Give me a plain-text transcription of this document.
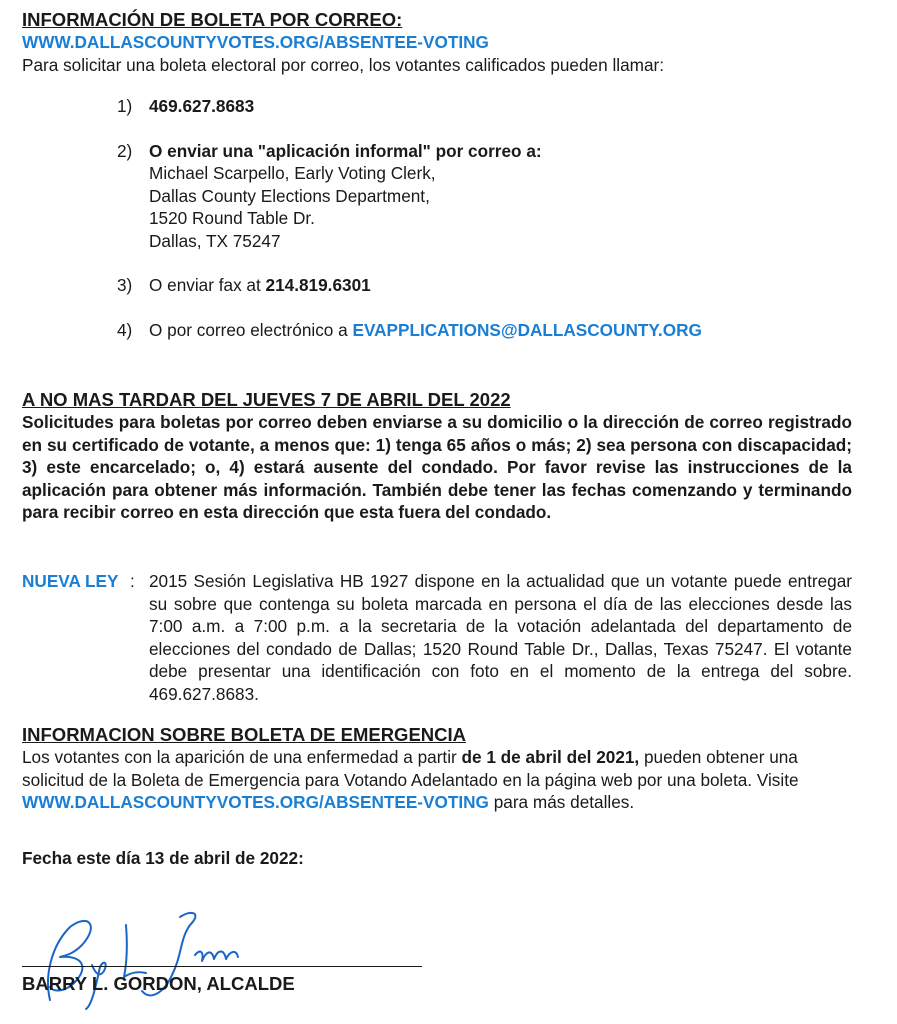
INFORMACIÓN DE BOLETA POR CORREO:
WWW.DALLASCOUNTYVOTES.ORG/ABSENTEE-VOTING
Para solicitar una boleta electoral por correo, los votantes calificados pueden llamar:
1) 469.627.8683
2) O enviar una "aplicación informal" por correo a:
Michael Scarpello, Early Voting Clerk,
Dallas County Elections Department,
1520 Round Table Dr.
Dallas, TX 75247
3) O enviar fax at 214.819.6301
4) O por correo electrónico a EVAPPLICATIONS@DALLASCOUNTY.ORG
A NO MAS TARDAR DEL JUEVES 7 DE ABRIL DEL 2022
Solicitudes para boletas por correo deben enviarse a su domicilio o la dirección de correo registrado en su certificado de votante, a menos que: 1) tenga 65 años o más; 2) sea persona con discapacidad; 3) este encarcelado; o, 4) estará ausente del condado. Por favor revise las instrucciones de la aplicación para obtener más información. También debe tener las fechas comenzando y terminando para recibir correo en esta dirección que esta fuera del condado.
NUEVA LEY : 2015 Sesión Legislativa HB 1927 dispone en la actualidad que un votante puede entregar su sobre que contenga su boleta marcada en persona el día de las elecciones desde las 7:00 a.m. a 7:00 p.m. a la secretaria de la votación adelantada del departamento de elecciones del condado de Dallas; 1520 Round Table Dr., Dallas, Texas 75247. El votante debe presentar una identificación con foto en el momento de la entrega del sobre. 469.627.8683.
INFORMACION SOBRE BOLETA DE EMERGENCIA
Los votantes con la aparición de una enfermedad a partir de 1 de abril del 2021, pueden obtener una solicitud de la Boleta de Emergencia para Votando Adelantado en la página web por una boleta. Visite WWW.DALLASCOUNTYVOTES.ORG/ABSENTEE-VOTING para más detalles.
Fecha este día 13 de abril de 2022:
BARRY L. GORDON, ALCALDE
